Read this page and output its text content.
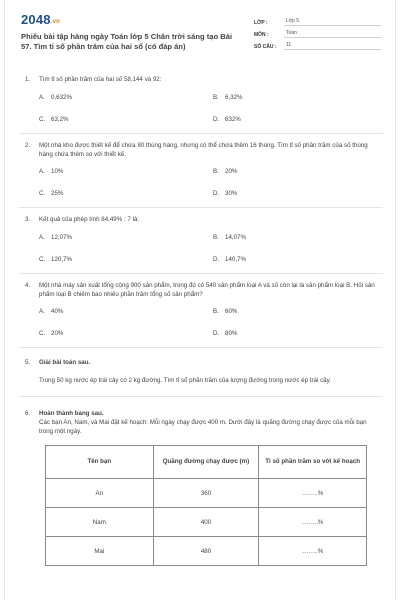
2048.vn
Phiếu bài tập hàng ngày Toán lớp 5 Chân trời sáng tạo Bài 57. Tìm tỉ số phần trăm của hai số (có đáp án)
LỚP :	Lớp 5
MÔN :	Toán
SỐ CÂU :	11
1.	Tìm tỉ số phần trăm của hai số 58,144 và 92:
A. 0,632%	B. 6,32%
C. 63,2%	D. 632%
2.	Một nhà kho được thiết kế để chứa 80 thùng hàng, nhưng có thể chứa thêm 16 thùng. Tìm tỉ số phần trăm của số thùng hàng chứa thêm so với thiết kế.
A. 10%	B. 20%
C. 25%	D. 30%
3.	Kết quả của phép tính 84,49% : 7 là:
A. 12,07%	B. 14,07%
C. 120,7%	D. 140,7%
4.	Một nhà máy sản xuất tổng cộng 900 sản phẩm, trong đó có 540 sản phẩm loại A và số còn lại là sản phẩm loại B. Hỏi sản phẩm loại B chiếm bao nhiêu phần trăm tổng số sản phẩm?
A. 40%	B. 60%
C. 20%	D. 80%
5.	Giải bài toán sau.
Trong 50 kg nước ép trái cây có 2 kg đường. Tìm tỉ số phần trăm của lượng đường trong nước ép trái cây.
6.	Hoàn thành bảng sau.
Các bạn An, Nam, và Mai đặt kế hoạch: Mỗi ngày chạy được 400 m. Dưới đây là quãng đường chạy được của mỗi bạn trong một ngày.
Tên bạn	Quãng đường chạy được (m)	Tỉ số phần trăm so với kế hoạch
An	360	……..%
Nam	400	……..%
Mai	480	……..%
